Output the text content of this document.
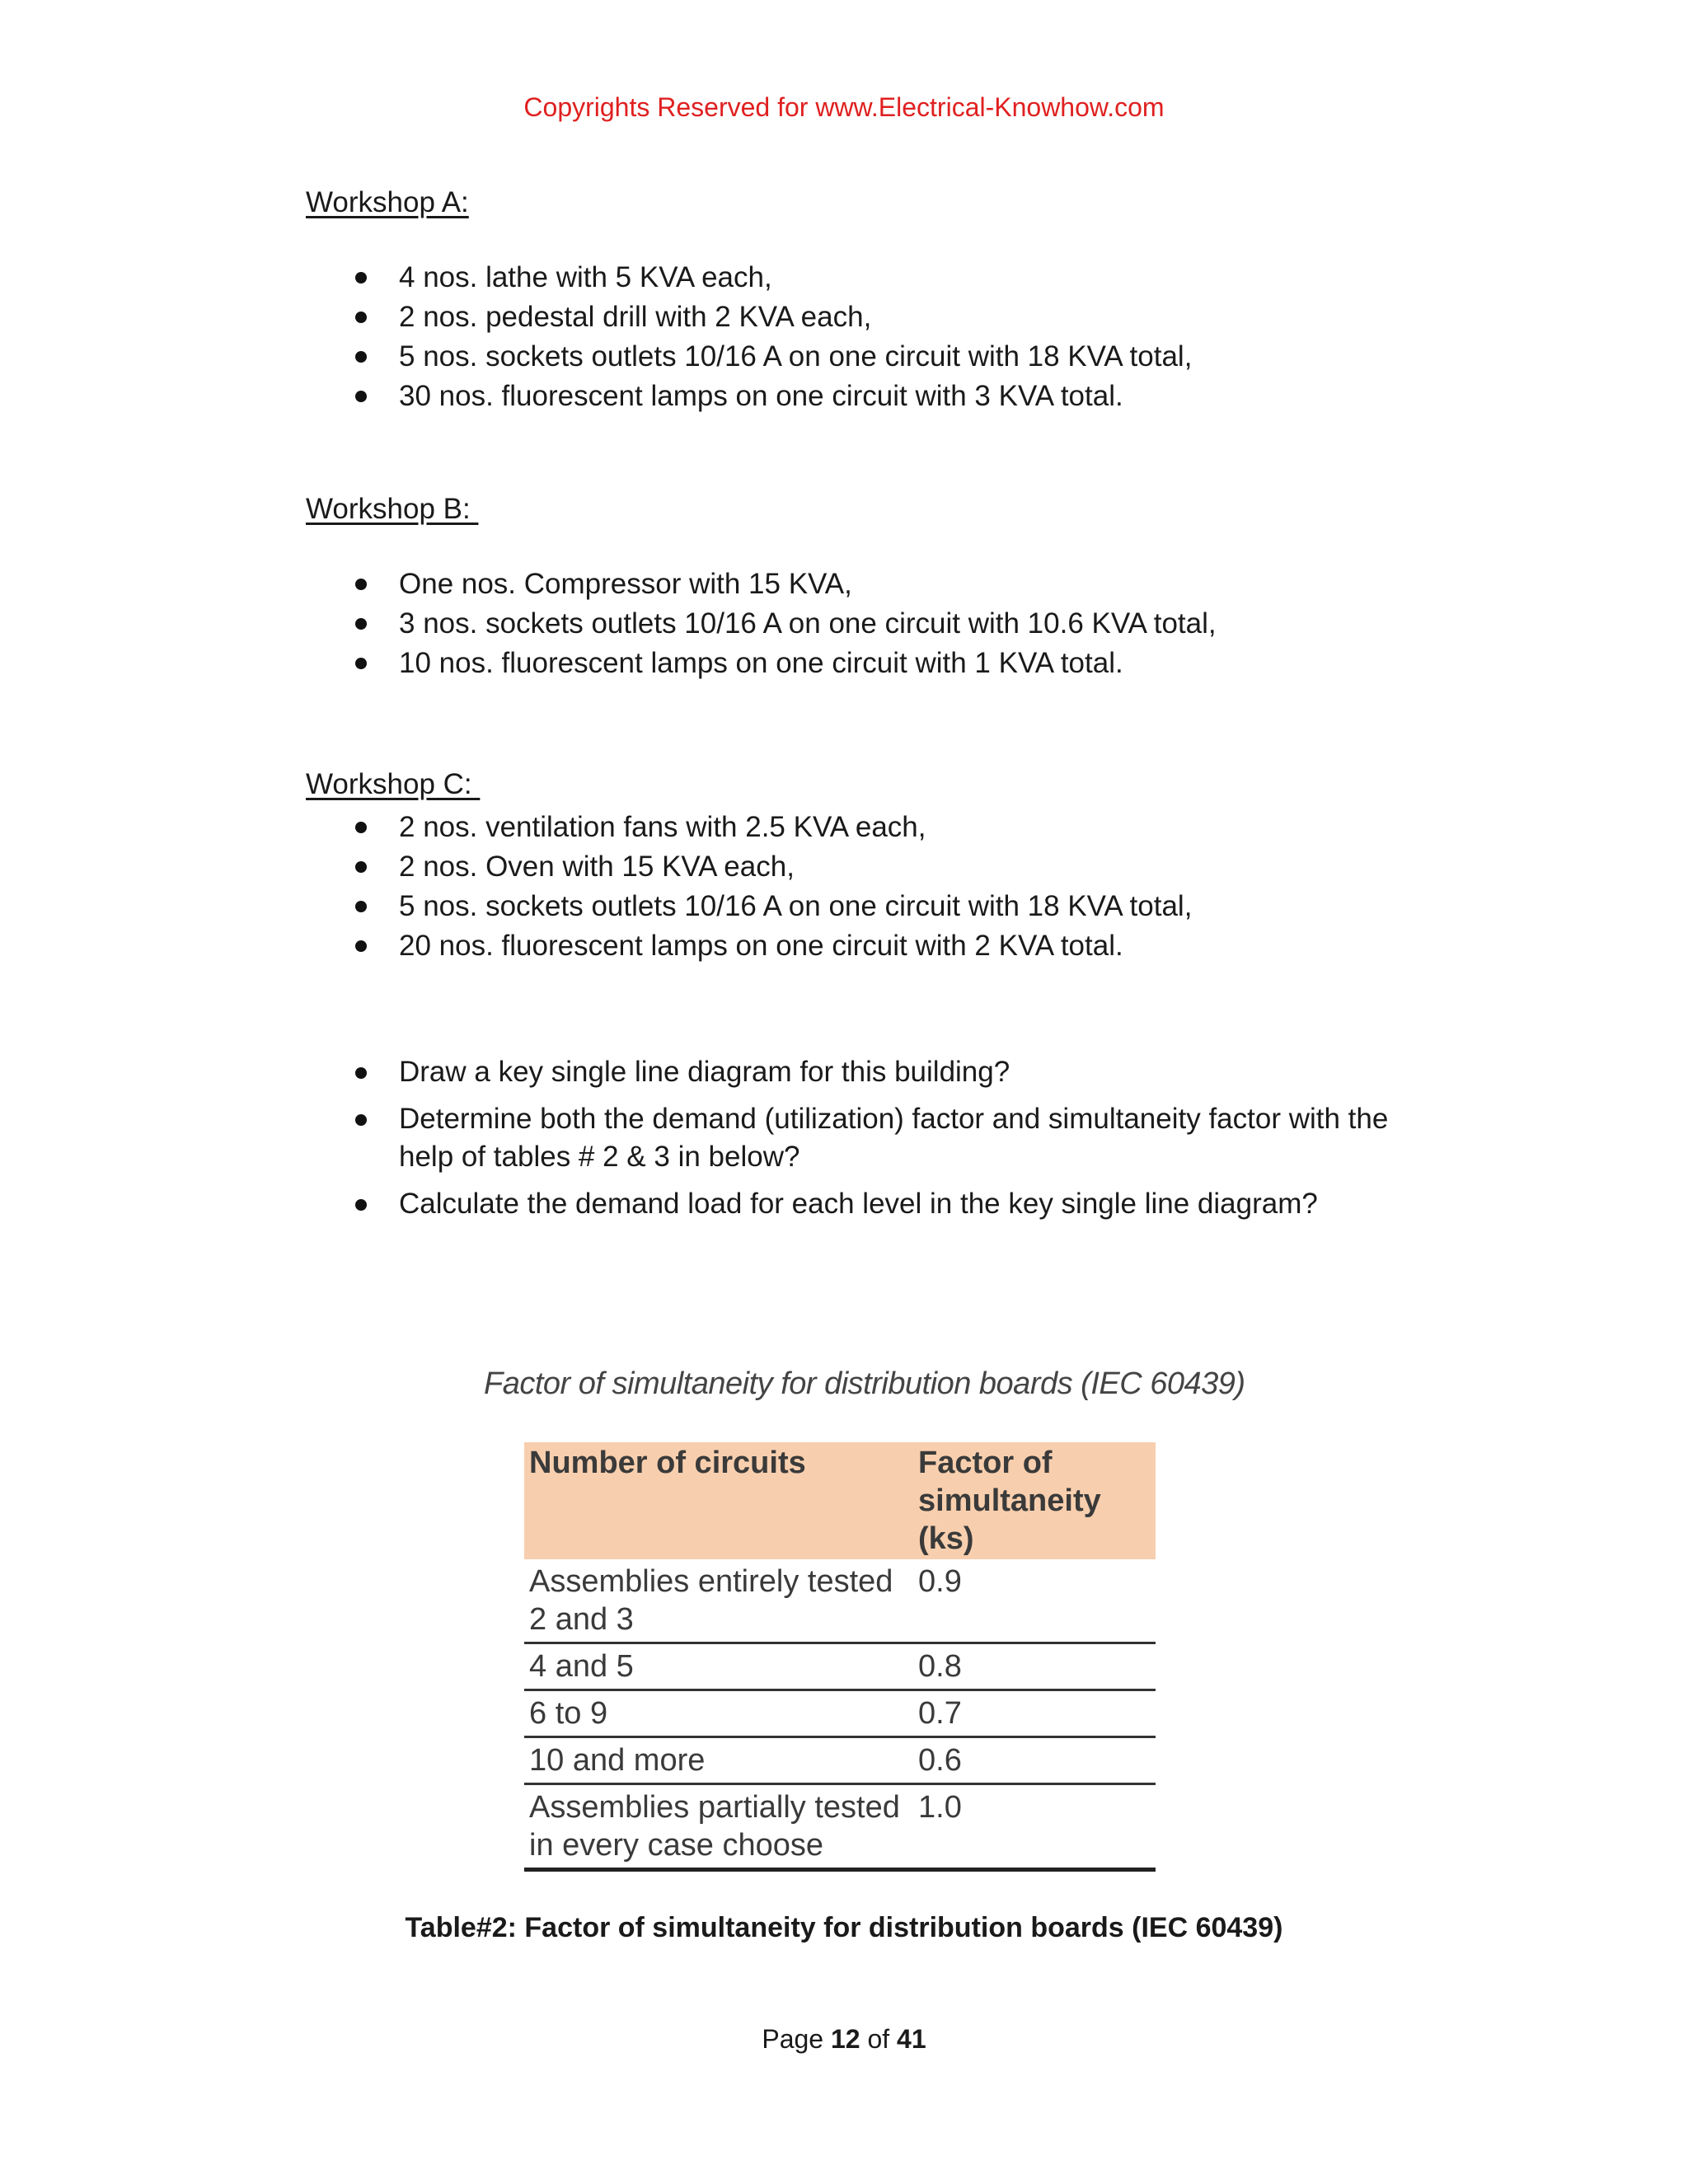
Copyrights Reserved for www.Electrical-Knowhow.com
Workshop A:
4 nos. lathe with 5 KVA each,
2 nos. pedestal drill with 2 KVA each,
5 nos. sockets outlets 10/16 A on one circuit with 18 KVA total,
30 nos. fluorescent lamps on one circuit with 3 KVA total.
Workshop B:
One nos. Compressor with 15 KVA,
3 nos. sockets outlets 10/16 A on one circuit with 10.6 KVA total,
10 nos. fluorescent lamps on one circuit with 1 KVA total.
Workshop C:
2 nos. ventilation fans with 2.5 KVA each,
2 nos. Oven with 15 KVA each,
5 nos. sockets outlets 10/16 A on one circuit with 18 KVA total,
20 nos. fluorescent lamps on one circuit with 2 KVA total.
Draw a key single line diagram for this building?
Determine both the demand (utilization) factor and simultaneity factor with the help of tables # 2 & 3 in below?
Calculate the demand load for each level in the key single line diagram?
Factor of simultaneity for distribution boards (IEC 60439)
Number of circuits	Factor of simultaneity (ks)
Assemblies entirely tested 2 and 3	0.9
4 and 5	0.8
6 to 9	0.7
10 and more	0.6
Assemblies partially tested in every case choose	1.0
Table#2: Factor of simultaneity for distribution boards (IEC 60439)
Page 12 of 41
